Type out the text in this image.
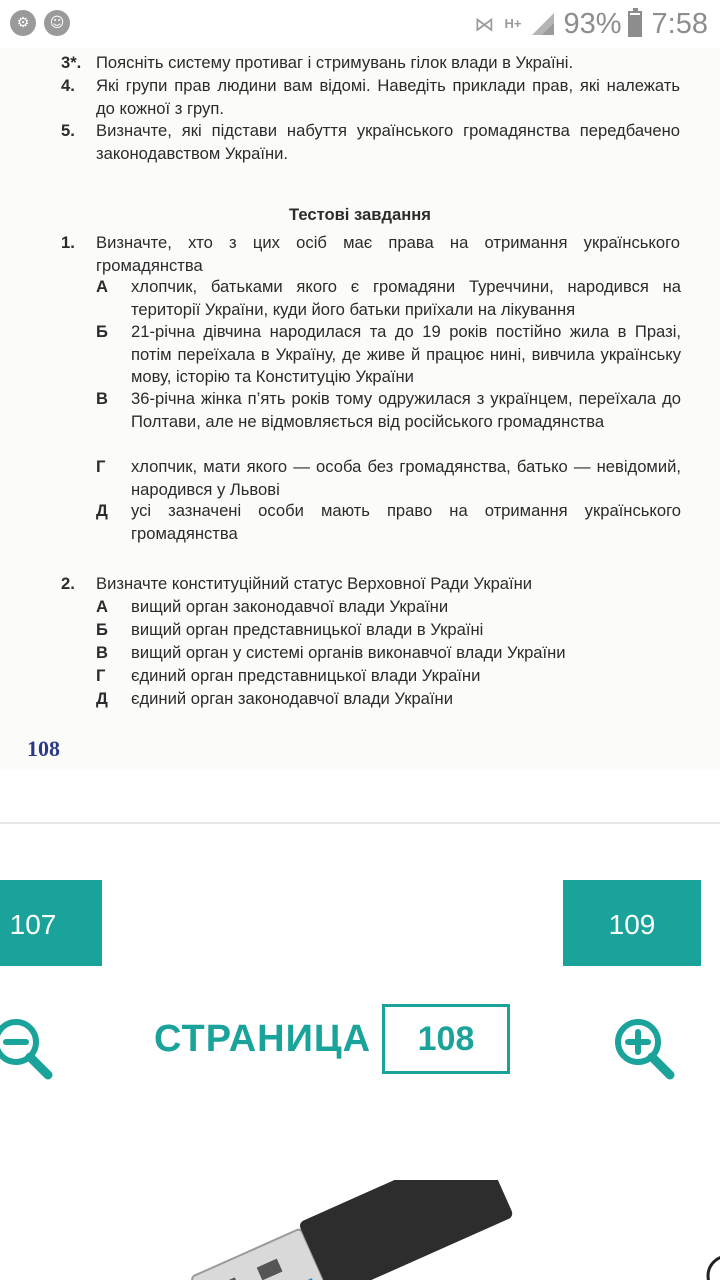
⚙	☺	⋈ H+ 93% 7:58
Тестові завдання
108
3*. Поясніть систему противаг і стримувань гілок влади в Україні.
4. Які групи прав людини вам відомі. Наведіть приклади прав, які належать до кожної з груп.
5. Визначте, які підстави набуття українського громадянства передбачено законодавством України.
1. Визначте, хто з цих осіб має права на отримання українського громадянства
А хлопчик, батьками якого є громадяни Туреччини, народився на території України, куди його батьки приїхали на лікування
Б 21-річна дівчина народилася та до 19 років постійно жила в Празі, потім переїхала в Україну, де живе й працює нині, вивчила українську мову, історію та Конституцію України
В 36-річна жінка п’ять років тому одружилася з українцем, переїхала до Полтави, але не відмовляється від російського громадянства
Г хлопчик, мати якого — особа без громадянства, батько — невідомий, народився у Львові
Д усі зазначені особи мають право на отримання українського громадянства
2. Визначте конституційний статус Верховної Ради України
А вищий орган законодавчої влади України
Б вищий орган представницької влади в Україні
В вищий орган у системі органів виконавчої влади України
Г єдиний орган представницької влади України
Д єдиний орган законодавчої влади України
107	109
СТРАНИЦА	108
